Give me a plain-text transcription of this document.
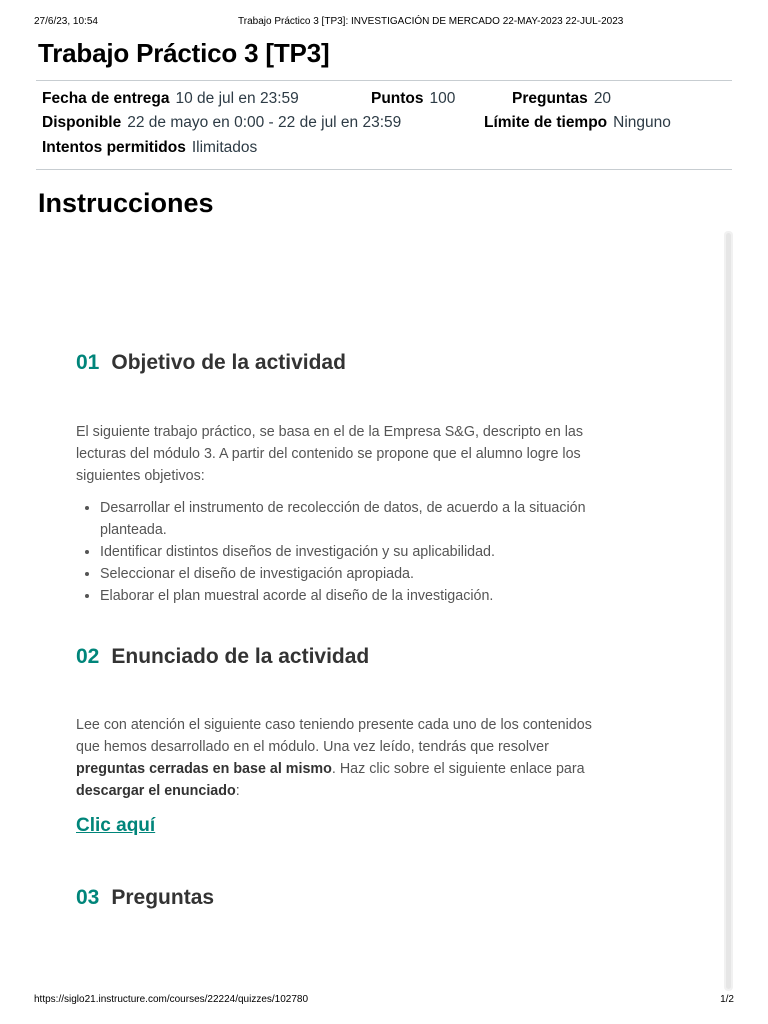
27/6/23, 10:54	Trabajo Práctico 3 [TP3]: INVESTIGACIÓN DE MERCADO 22-MAY-2023 22-JUL-2023
Trabajo Práctico 3 [TP3]
Fecha de entrega 10 de jul en 23:59	Puntos 100	Preguntas 20
Disponible 22 de mayo en 0:00 - 22 de jul en 23:59	Límite de tiempo Ninguno
Intentos permitidos Ilimitados
Instrucciones
01 Objetivo de la actividad

El siguiente trabajo práctico, se basa en el de la Empresa S&G, descripto en las lecturas del módulo 3. A partir del contenido se propone que el alumno logre los siguientes objetivos:

• Desarrollar el instrumento de recolección de datos, de acuerdo a la situación planteada.
• Identificar distintos diseños de investigación y su aplicabilidad.
• Seleccionar el diseño de investigación apropiada.
• Elaborar el plan muestral acorde al diseño de la investigación.
02 Enunciado de la actividad

Lee con atención el siguiente caso teniendo presente cada uno de los contenidos que hemos desarrollado en el módulo. Una vez leído, tendrás que resolver preguntas cerradas en base al mismo. Haz clic sobre el siguiente enlace para descargar el enunciado:

Clic aquí
03 Preguntas
https://siglo21.instructure.com/courses/22224/quizzes/102780	1/2
